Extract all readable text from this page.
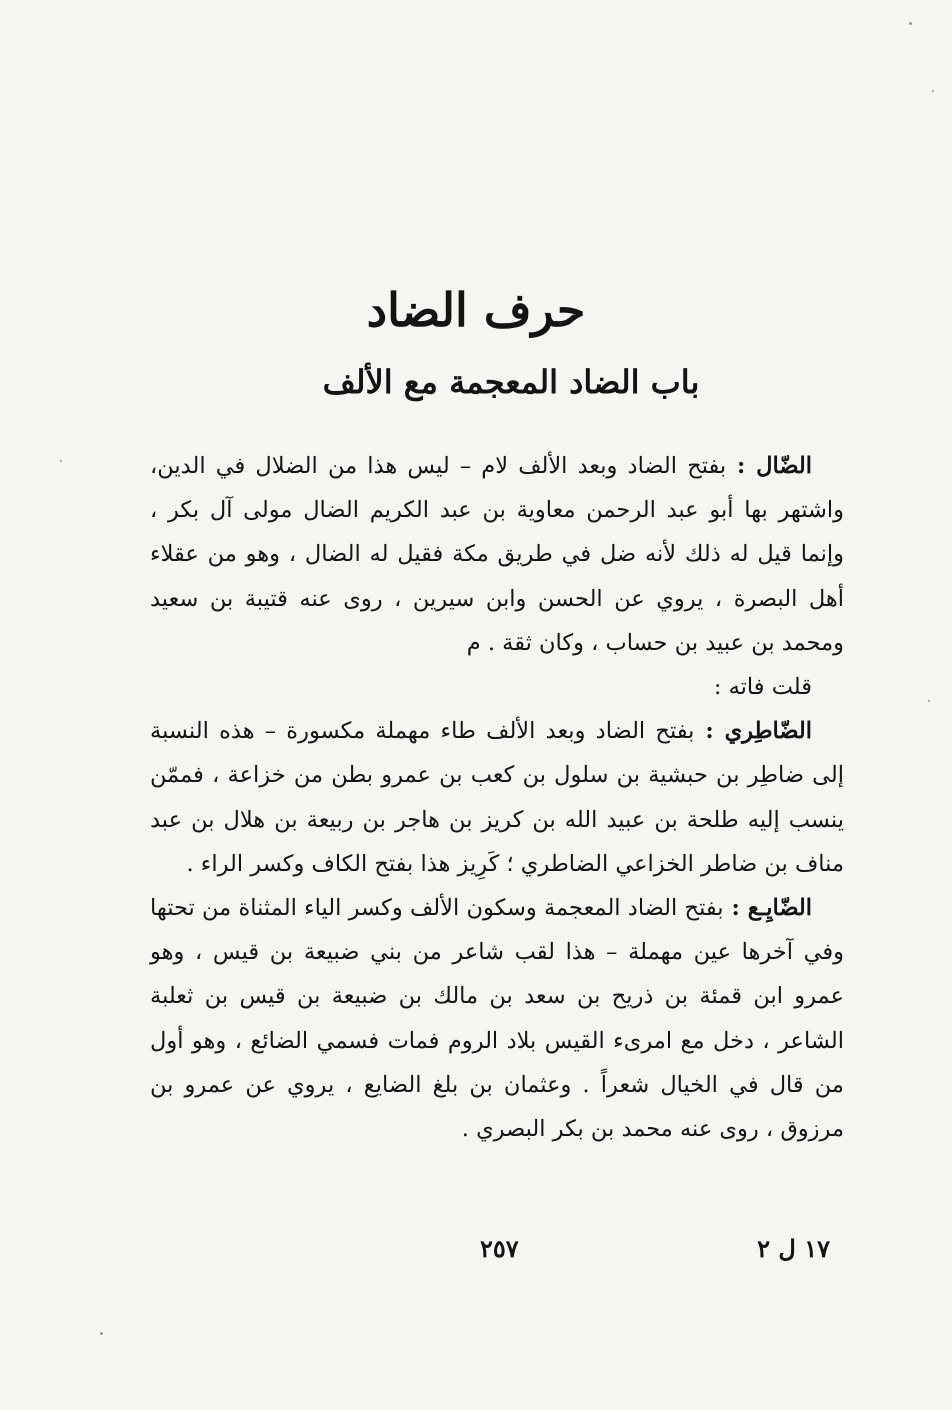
حرف الضاد
باب الضاد المعجمة مع الألف

الضّال : بفتح الضاد وبعد الألف لام – ليس هذا من الضلال في الدين، واشتهر بها أبو عبد الرحمن معاوية بن عبد الكريم الضال مولى آل بكر ، وإنما قيل له ذلك لأنه ضل في طريق مكة فقيل له الضال ، وهو من عقلاء أهل البصرة ، يروي عن الحسن وابن سيرين ، روى عنه قتيبة بن سعيد ومحمد بن عبيد بن حساب ، وكان ثقة . م

قلت فاته :

الضّاطِري : بفتح الضاد وبعد الألف طاء مهملة مكسورة – هذه النسبة إلى ضاطِر بن حبشية بن سلول بن كعب بن عمرو بطن من خزاعة ، فممّن ينسب إليه طلحة بن عبيد الله بن كريز بن هاجر بن ربيعة بن هلال بن عبد مناف بن ضاطر الخزاعي الضاطري ؛ كَرِيز هذا بفتح الكاف وكسر الراء .

الضّايِـع : بفتح الضاد المعجمة وسكون الألف وكسر الياء المثناة من تحتها وفي آخرها عين مهملة – هذا لقب شاعر من بني ضبيعة بن قيس ، وهو عمرو ابن قمئة بن ذريح بن سعد بن مالك بن ضبيعة بن قيس بن ثعلبة الشاعر ، دخل مع امرىء القيس بلاد الروم فمات فسمي الضائع ، وهو أول من قال في الخيال شعراً . وعثمان بن بلغ الضايع ، يروي عن عمرو بن مرزوق ، روى عنه محمد بن بكر البصري .

١٧ ل ٢
٢٥٧
